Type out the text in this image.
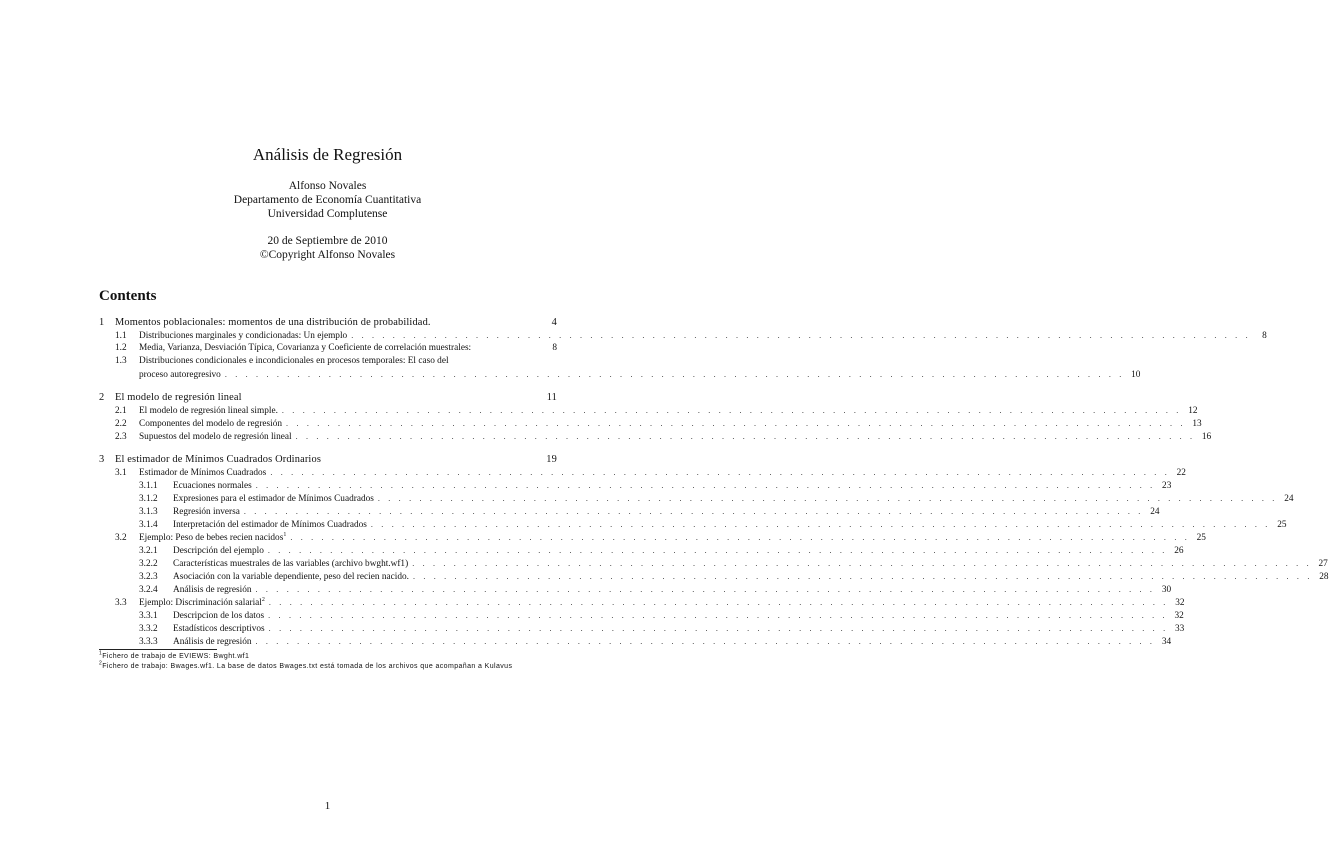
Análisis de Regresión
Alfonso Novales
Departamento de Economía Cuantitativa
Universidad Complutense
20 de Septiembre de 2010
©Copyright Alfonso Novales
Contents
1	Momentos poblacionales: momentos de una distribución de probabilidad.	4
1.1	Distribuciones marginales y condicionadas: Un ejemplo . . .	8
1.2	Media, Varianza, Desviación Típica, Covarianza y Coeficiente de correlación muestrales:	8
1.3	Distribuciones condicionales e incondicionales en procesos temporales: El caso del
proceso autoregresivo . . .	10
2	El modelo de regresión lineal	11
2.1	El modelo de regresión lineal simple. . . .	12
2.2	Componentes del modelo de regresión . . .	13
2.3	Supuestos del modelo de regresión lineal . . .	16
3	El estimador de Mínimos Cuadrados Ordinarios	19
3.1	Estimador de Mínimos Cuadrados . . .	22
3.1.1	Ecuaciones normales . . .	23
3.1.2	Expresiones para el estimador de Mínimos Cuadrados . . .	24
3.1.3	Regresión inversa . . .	24
3.1.4	Interpretación del estimador de Mínimos Cuadrados . . .	25
3.2	Ejemplo: Peso de bebes recien nacidos$^1$ . . .	25
3.2.1	Descripción del ejemplo . . .	26
3.2.2	Características muestrales de las variables (archivo bwght.wf1) . . .	27
3.2.3	Asociación con la variable dependiente, peso del recien nacido. . . .	28
3.2.4	Análisis de regresión . . .	30
3.3	Ejemplo: Discriminación salarial$^2$ . . .	32
3.3.1	Descripcion de los datos . . .	32
3.3.2	Estadísticos descriptivos . . .	33
3.3.3	Análisis de regresión . . .	34
$^1$Fichero de trabajo de EVIEWS: Bwght.wf1
$^2$Fichero de trabajo: Bwages.wf1. La base de datos Bwages.txt está tomada de los archivos que acompañan a Kulavus
1
